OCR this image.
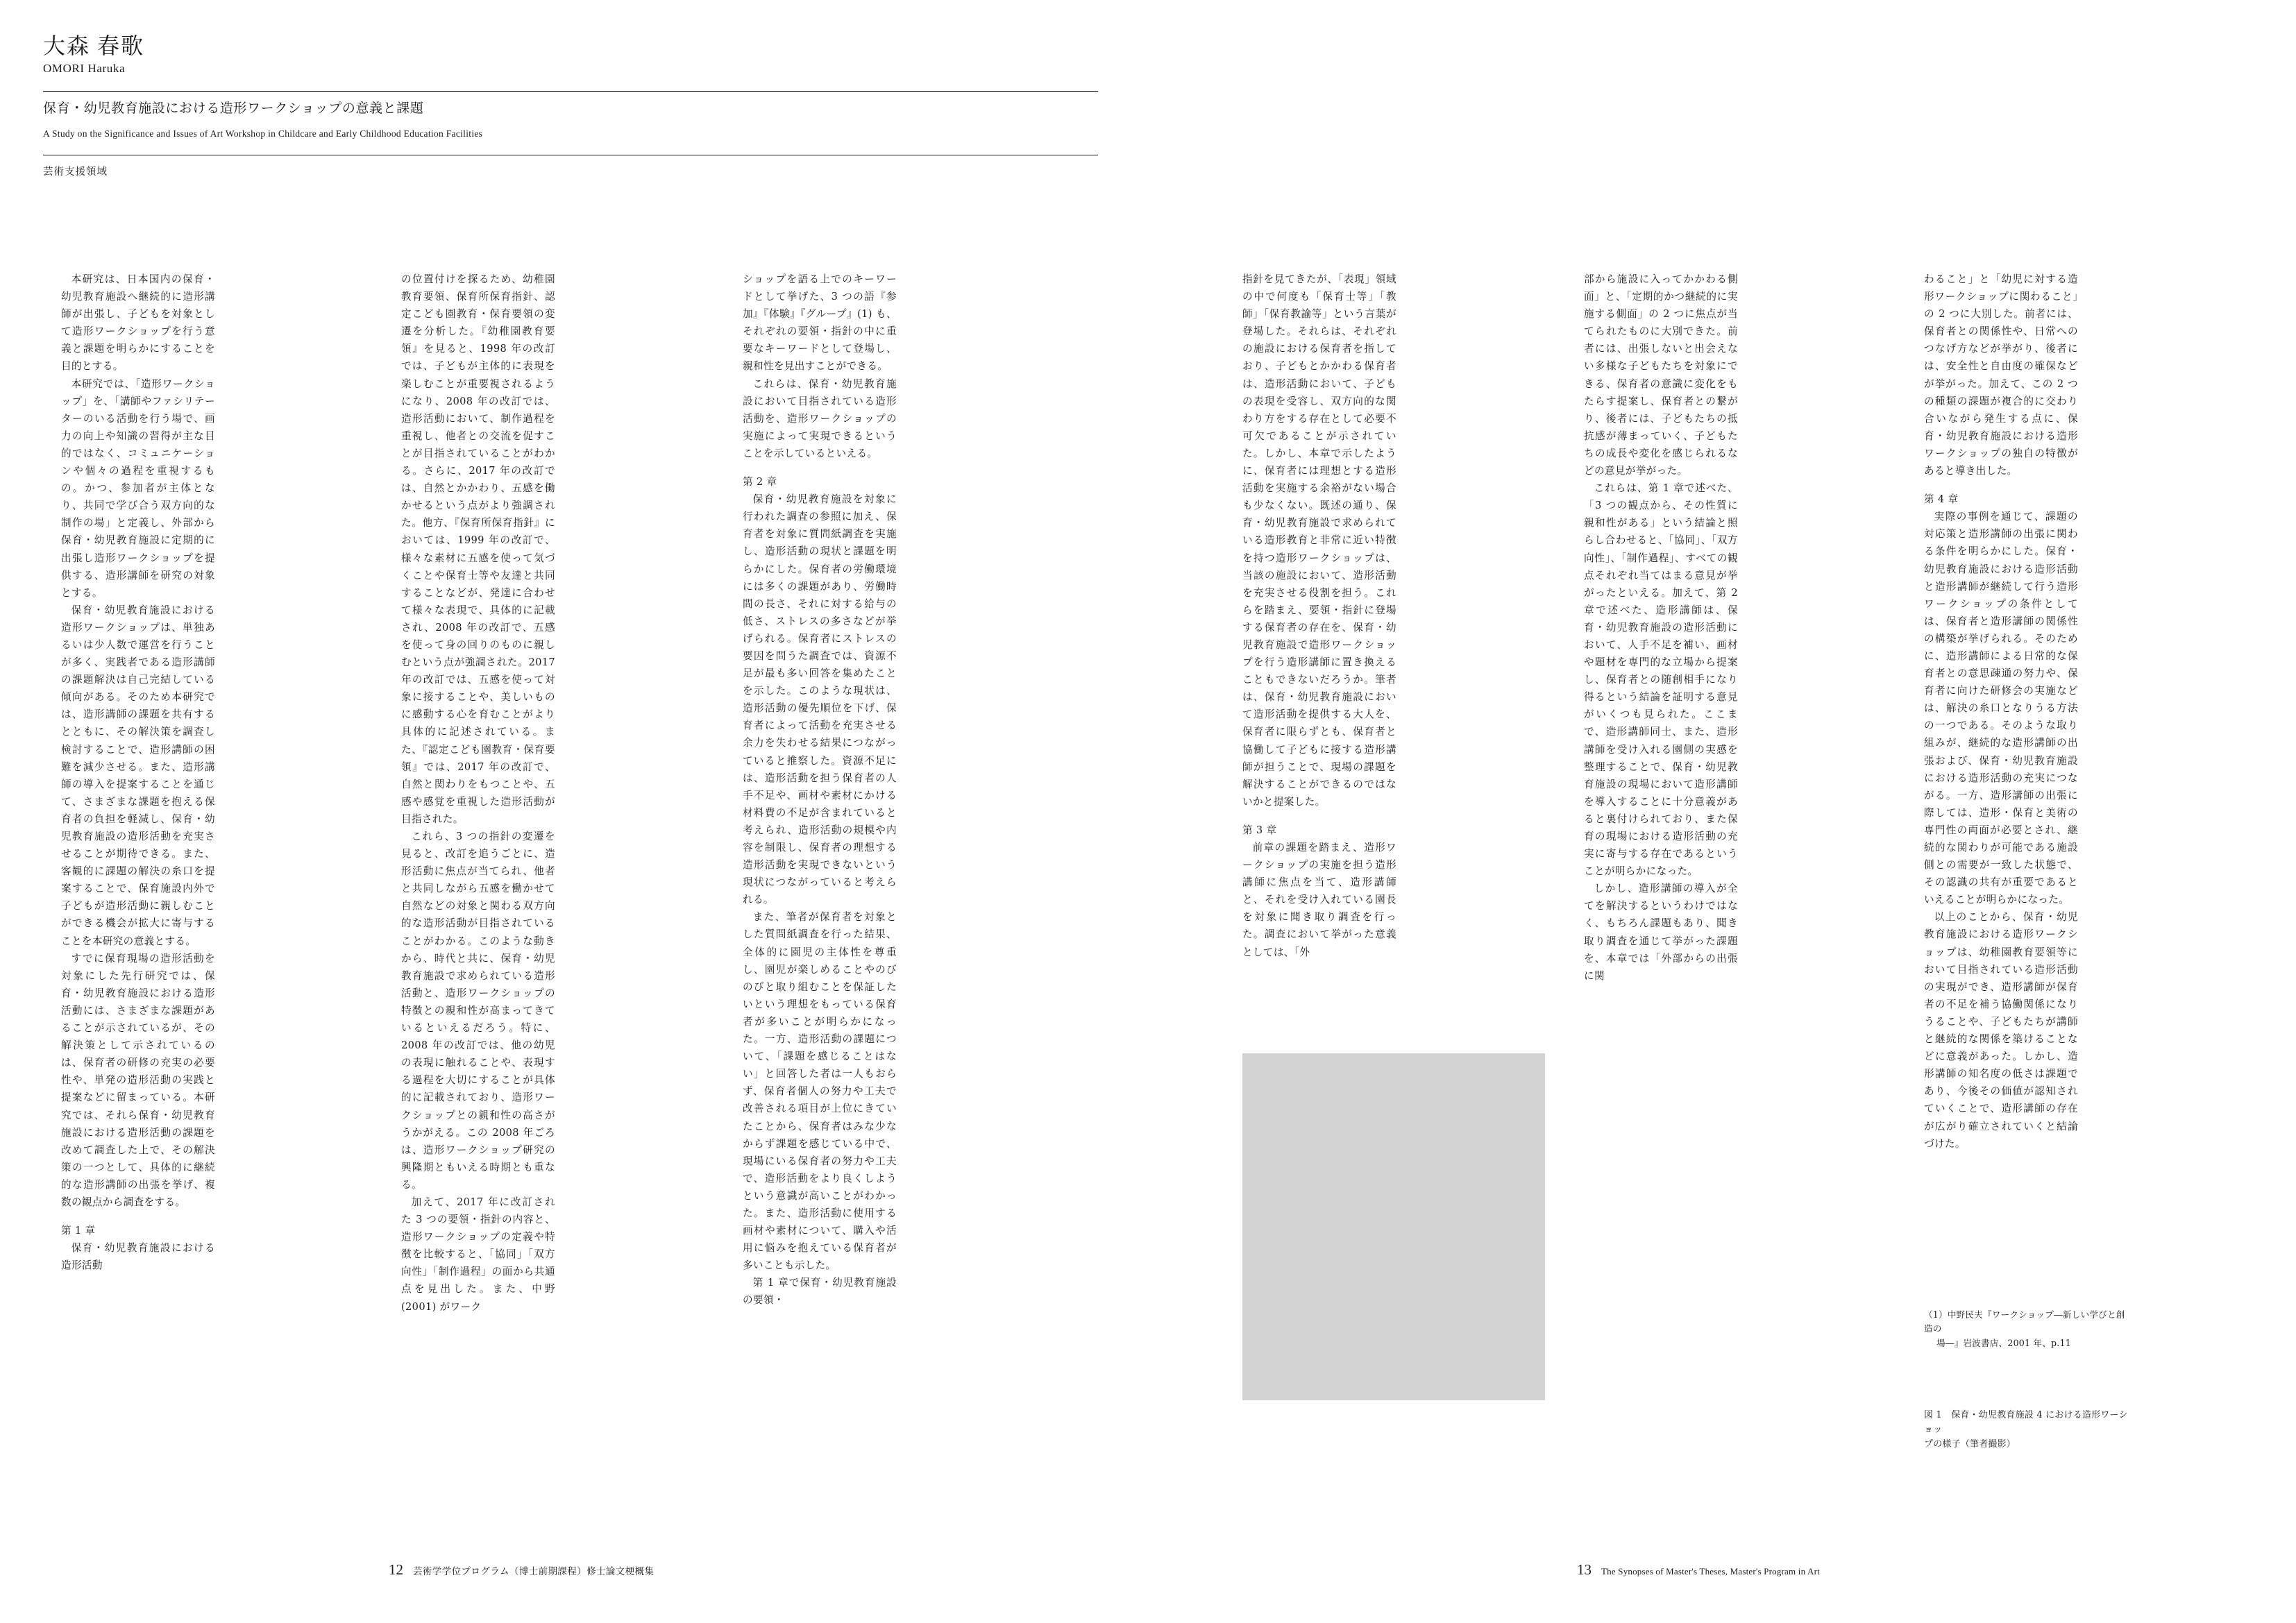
大森 春歌
OMORI Haruka
保育・幼児教育施設における造形ワークショップの意義と課題
A Study on the Significance and Issues of Art Workshop in Childcare and Early Childhood Education Facilities
芸術支援領域

本研究は、日本国内の保育・幼児教育施設へ継続的に造形講師が出張し、子どもを対象として造形ワークショップを行う意義と課題を明らかにすることを目的とする。

本研究では、「造形ワークショップ」を、「講師やファシリテーターのいる活動を行う場で、画力の向上や知識の習得が主な目的ではなく、コミュニケーションや個々の過程を重視するもの。かつ、参加者が主体となり、共同で学び合う双方向的な制作の場」と定義し、外部から保育・幼児教育施設に定期的に出張し造形ワークショップを提供する、造形講師を研究の対象とする。

保育・幼児教育施設における造形ワークショップは、単独あるいは少人数で運営を行うことが多く、実践者である造形講師の課題解決は自己完結している傾向がある。そのため本研究では、造形講師の課題を共有するとともに、その解決策を調査し検討することで、造形講師の困難を減少させる。また、造形講師の導入を提案することを通じて、さまざまな課題を抱える保育者の負担を軽減し、保育・幼児教育施設の造形活動を充実させることが期待できる。また、客観的に課題の解決の糸口を提案することで、保育施設内外で子どもが造形活動に親しむことができる機会が拡大に寄与することを本研究の意義とする。

すでに保育現場の造形活動を対象にした先行研究では、保育・幼児教育施設における造形活動には、さまざまな課題があることが示されているが、その解決策として示されているのは、保育者の研修の充実の必要性や、単発の造形活動の実践と提案などに留まっている。本研究では、それら保育・幼児教育施設における造形活動の課題を改めて調査した上で、その解決策の一つとして、具体的に継続的な造形講師の出張を挙げ、複数の観点から調査をする。

第 1 章

保育・幼児教育施設における造形活動

の位置付けを探るため、幼稚園教育要領、保育所保育指針、認定こども園教育・保育要領の変遷を分析した。『幼稚園教育要領』を見ると、1998 年の改訂では、子どもが主体的に表現を楽しむことが重要視されるようになり、2008 年の改訂では、造形活動において、制作過程を重視し、他者との交流を促すことが目指されていることがわかる。さらに、2017 年の改訂では、自然とかかわり、五感を働かせるという点がより強調された。他方、『保育所保育指針』においては、1999 年の改訂で、様々な素材に五感を使って気づくことや保育士等や友達と共同することなどが、発達に合わせて様々な表現で、具体的に記載され、2008 年の改訂で、五感を使って身の回りのものに親しむという点が強調された。2017 年の改訂では、五感を使って対象に接することや、美しいものに感動する心を育むことがより具体的に記述されている。また、『認定こども園教育・保育要領』では、2017 年の改訂で、自然と関わりをもつことや、五感や感覚を重視した造形活動が目指された。

これら、3 つの指針の変遷を見ると、改訂を追うごとに、造形活動に焦点が当てられ、他者と共同しながら五感を働かせて自然などの対象と関わる双方向的な造形活動が目指されていることがわかる。このような動きから、時代と共に、保育・幼児教育施設で求められている造形活動と、造形ワークショップの特徴との親和性が高まってきているといえるだろう。特に、2008 年の改訂では、他の幼児の表現に触れることや、表現する過程を大切にすることが具体的に記載されており、造形ワークショップとの親和性の高さがうかがえる。この 2008 年ごろは、造形ワークショップ研究の興隆期ともいえる時期とも重なる。

加えて、2017 年に改訂された 3 つの要領・指針の内容と、造形ワークショップの定義や特徴を比較すると、「協同」「双方向性」「制作過程」の面から共通点を見出した。また、中野 (2001) がワーク

ショップを語る上でのキーワードとして挙げた、3 つの語『参加』『体験』『グループ』(1) も、それぞれの要領・指針の中に重要なキーワードとして登場し、親和性を見出すことができる。

これらは、保育・幼児教育施設において目指されている造形活動を、造形ワークショップの実施によって実現できるということを示しているといえる。

第 2 章

保育・幼児教育施設を対象に行われた調査の参照に加え、保育者を対象に質問紙調査を実施し、造形活動の現状と課題を明らかにした。保育者の労働環境には多くの課題があり、労働時間の長さ、それに対する給与の低さ、ストレスの多さなどが挙げられる。保育者にストレスの要因を問うた調査では、資源不足が最も多い回答を集めたことを示した。このような現状は、造形活動の優先順位を下げ、保育者によって活動を充実させる余力を失わせる結果につながっていると推察した。資源不足には、造形活動を担う保育者の人手不足や、画材や素材にかける材料費の不足が含まれていると考えられ、造形活動の規模や内容を制限し、保育者の理想する造形活動を実現できないという現状につながっていると考えられる。

また、筆者が保育者を対象とした質問紙調査を行った結果、全体的に園児の主体性を尊重し、園児が楽しめることやのびのびと取り組むことを保証したいという理想をもっている保育者が多いことが明らかになった。一方、造形活動の課題について、「課題を感じることはない」と回答した者は一人もおらず、保育者個人の努力や工夫で改善される項目が上位にきていたことから、保育者はみな少なからず課題を感じている中で、現場にいる保育者の努力や工夫で、造形活動をより良くしようという意識が高いことがわかった。また、造形活動に使用する画材や素材について、購入や活用に悩みを抱えている保育者が多いことも示した。

第 1 章で保育・幼児教育施設の要領・

指針を見てきたが、「表現」領域の中で何度も「保育士等」「教師」「保育教諭等」という言葉が登場した。それらは、それぞれの施設における保育者を指しており、子どもとかかわる保育者は、造形活動において、子どもの表現を受容し、双方向的な関わり方をする存在として必要不可欠であることが示されていた。しかし、本章で示したように、保育者には理想とする造形活動を実施する余裕がない場合も少なくない。既述の通り、保育・幼児教育施設で求められている造形教育と非常に近い特徴を持つ造形ワークショップは、当該の施設において、造形活動を充実させる役割を担う。これらを踏まえ、要領・指針に登場する保育者の存在を、保育・幼児教育施設で造形ワークショップを行う造形講師に置き換えることもできないだろうか。筆者は、保育・幼児教育施設において造形活動を提供する大人を、保育者に限らずとも、保育者と協働して子どもに接する造形講師が担うことで、現場の課題を解決することができるのではないかと提案した。

第 3 章

前章の課題を踏まえ、造形ワークショップの実施を担う造形講師に焦点を当て、造形講師と、それを受け入れている園長を対象に聞き取り調査を行った。調査において挙がった意義としては、「外

部から施設に入ってかかわる側面」と、「定期的かつ継続的に実施する側面」の 2 つに焦点が当てられたものに大別できた。前者には、出張しないと出会えない多様な子どもたちを対象にできる、保育者の意識に変化をもたらす提案し、保育者との繋がり、後者には、子どもたちの抵抗感が薄まっていく、子どもたちの成長や変化を感じられるなどの意見が挙がった。

これらは、第 1 章で述べた、「3 つの観点から、その性質に親和性がある」という結論と照らし合わせると、「協同」、「双方向性」、「制作過程」、すべての観点それぞれ当てはまる意見が挙がったといえる。加えて、第 2 章で述べた、造形講師は、保育・幼児教育施設の造形活動において、人手不足を補い、画材や題材を専門的な立場から提案し、保育者との随創相手になり得るという結論を証明する意見がいくつも見られた。ここまで、造形講師同士、また、造形講師を受け入れる園側の実感を整理することで、保育・幼児教育施設の現場において造形講師を導入することに十分意義があると裏付けられており、また保育の現場における造形活動の充実に寄与する存在であるということが明らかになった。

しかし、造形講師の導入が全てを解決するというわけではなく、もちろん課題もあり、聞き取り調査を通じて挙がった課題を、本章では「外部からの出張に関

わること」と「幼児に対する造形ワークショップに関わること」の 2 つに大別した。前者には、保育者との関係性や、日常へのつなげ方などが挙がり、後者には、安全性と自由度の確保などが挙がった。加えて、この 2 つの種類の課題が複合的に交わり合いながら発生する点に、保育・幼児教育施設における造形ワークショップの独自の特徴があると導き出した。

第 4 章

実際の事例を通じて、課題の対応策と造形講師の出張に関わる条件を明らかにした。保育・幼児教育施設における造形活動と造形講師が継続して行う造形ワークショップの条件としては、保育者と造形講師の関係性の構築が挙げられる。そのために、造形講師による日常的な保育者との意思疎通の努力や、保育者に向けた研修会の実施などは、解決の糸口となりうる方法の一つである。そのような取り組みが、継続的な造形講師の出張および、保育・幼児教育施設における造形活動の充実につながる。一方、造形講師の出張に際しては、造形・保育と美術の専門性の両面が必要とされ、継続的な関わりが可能である施設側との需要が一致した状態で、その認識の共有が重要であるといえることが明らかになった。

以上のことから、保育・幼児教育施設における造形ワークショップは、幼稚園教育要領等において目指されている造形活動の実現ができ、造形講師が保育者の不足を補う協働関係になりうることや、子どもたちが講師と継続的な関係を築けることなどに意義があった。しかし、造形講師の知名度の低さは課題であり、今後その価値が認知されていくことで、造形講師の存在が広がり確立されていくと結論づけた。

図 1　保育・幼児教育施設 4 における造形ワーショッ
プの様子（筆者撮影）
（1）中野民夫『ワークショップ―新しい学びと創造の
場―』岩波書店、2001 年、p.11
12 芸術学学位プログラム（博士前期課程）修士論文梗概集	13 The Synopses of Master's Theses, Master's Program in Art
